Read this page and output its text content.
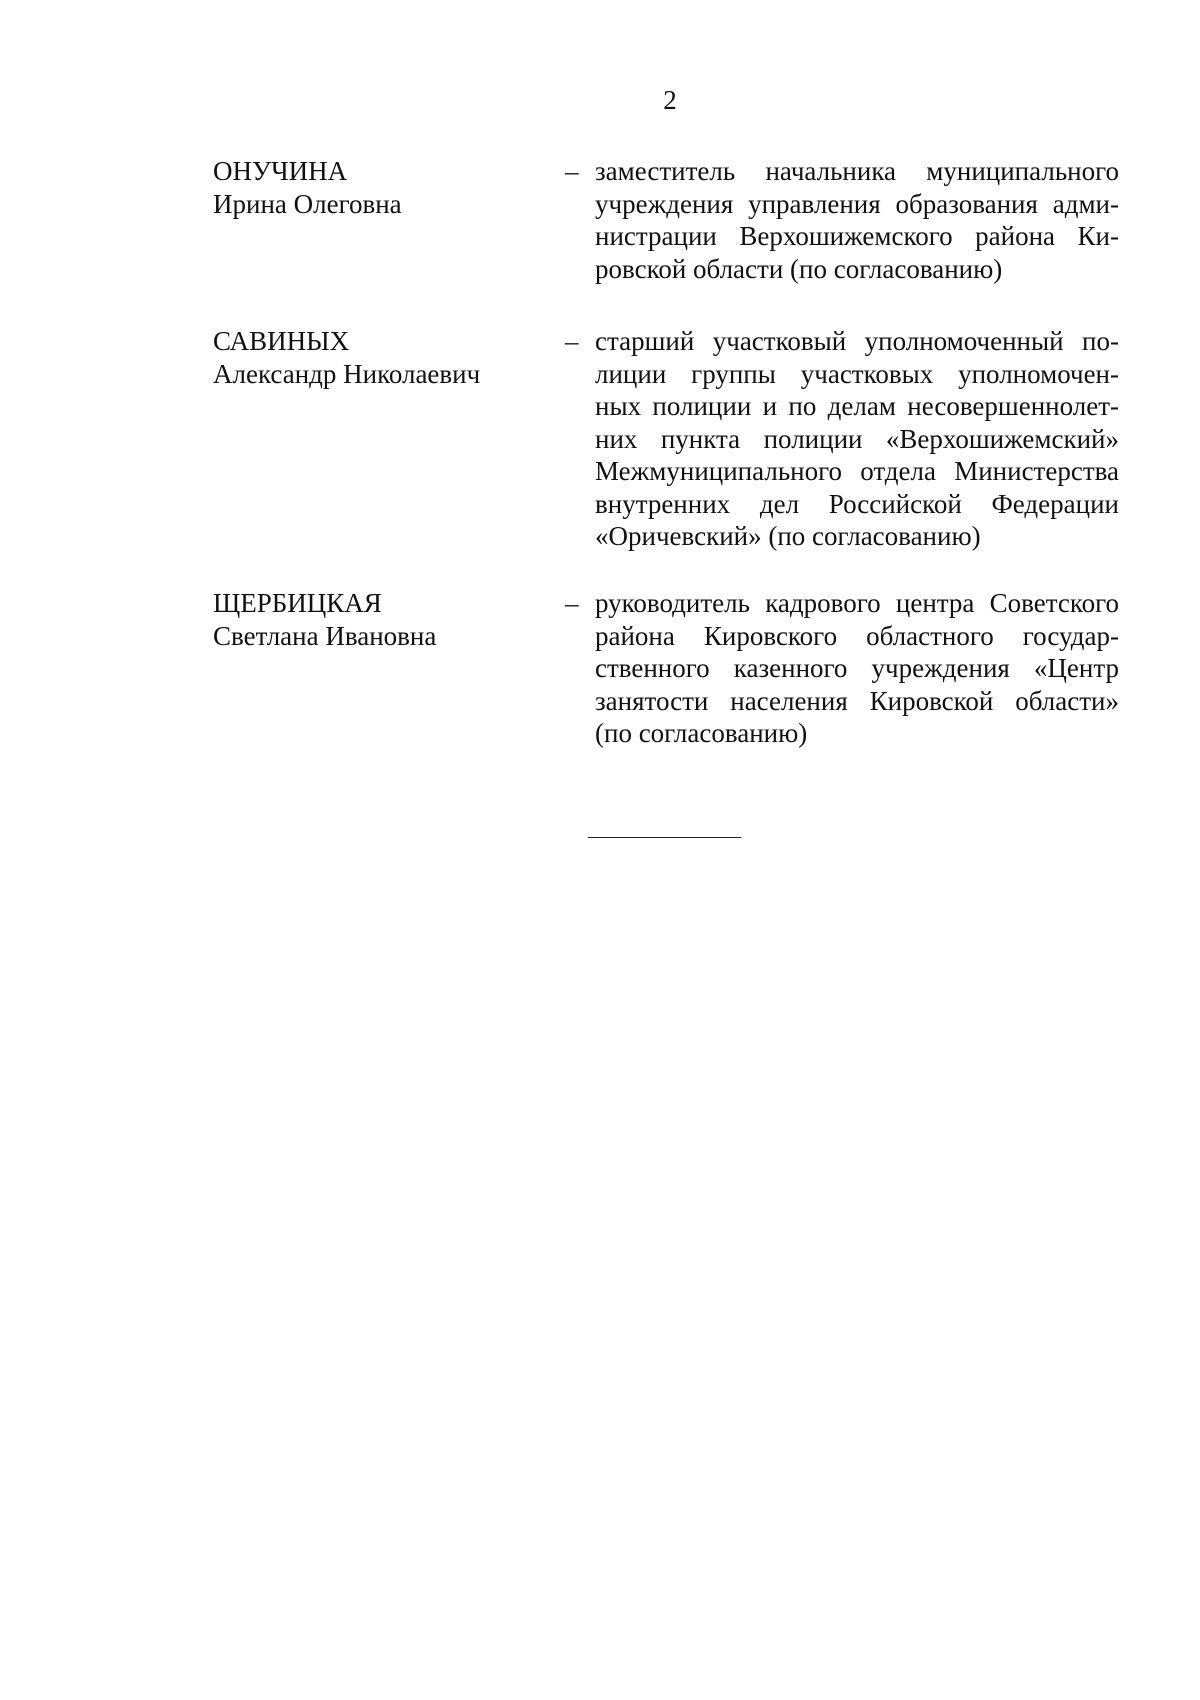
2
ОНУЧИНА
Ирина Олеговна
– заместитель начальника муниципального
учреждения управления образования адми-
нистрации Верхошижемского района Ки-
ровской области (по согласованию)
САВИНЫХ
Александр Николаевич
– старший участковый уполномоченный по-
лиции группы участковых уполномочен-
ных полиции и по делам несовершеннолет-
них пункта полиции «Верхошижемский»
Межмуниципального отдела Министерства
внутренних дел Российской Федерации
«Оричевский» (по согласованию)
ЩЕРБИЦКАЯ
Светлана Ивановна
– руководитель кадрового центра Советского
района Кировского областного государ-
ственного казенного учреждения «Центр
занятости населения Кировской области»
(по согласованию)
